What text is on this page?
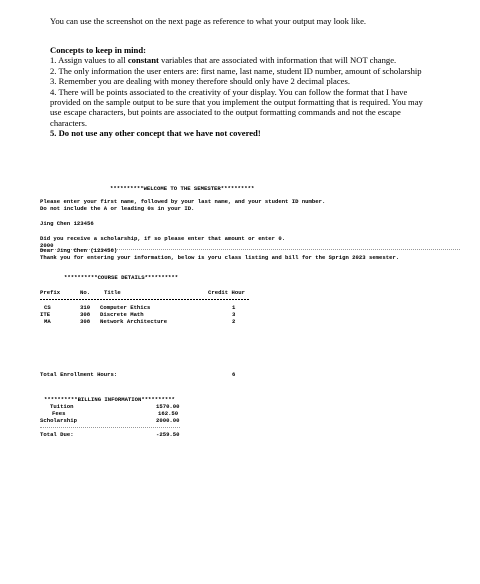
You can use the screenshot on the next page as reference to what your output may look like.
Concepts to keep in mind:

1. Assign values to all constant variables that are associated with information that will NOT change.

2. The only information the user enters are: first name, last name, student ID number, amount of scholarship

3. Remember you are dealing with money therefore should only have 2 decimal places.

4. There will be points associated to the creativity of your display. You can follow the format that I have provided on the sample output to be sure that you implement the output formatting that is required. You may use escape characters, but points are associated to the output formatting commands and not the escape characters.

5. Do not use any other concept that we have not covered!

**********WELCOME TO THE SEMESTER**********
Please enter your first name, followed by your last name, and your student ID number.
Do not include the A or leading 0s in your ID.
Jing Chen 123456
Did you receive a scholarship, if so please enter that amount or enter 0.
2000
Dear Jing Chen (123456)
Thank you for entering your information, below is yoru class listing and bill for the Sprign 2023 semester.
**********COURSE DETAILS**********
Prefix	No. Title	Credit Hour
CS	310 Computer Ethics	1
ITE	308 Discrete Math	3
MA	308 Network Architecture	2
Total Enrollment Hours:	6
**********BILLING INFORMATION**********
Tuition	1570.00
Fees	162.50
Scholarship	2000.00
Total Due:	-259.50
